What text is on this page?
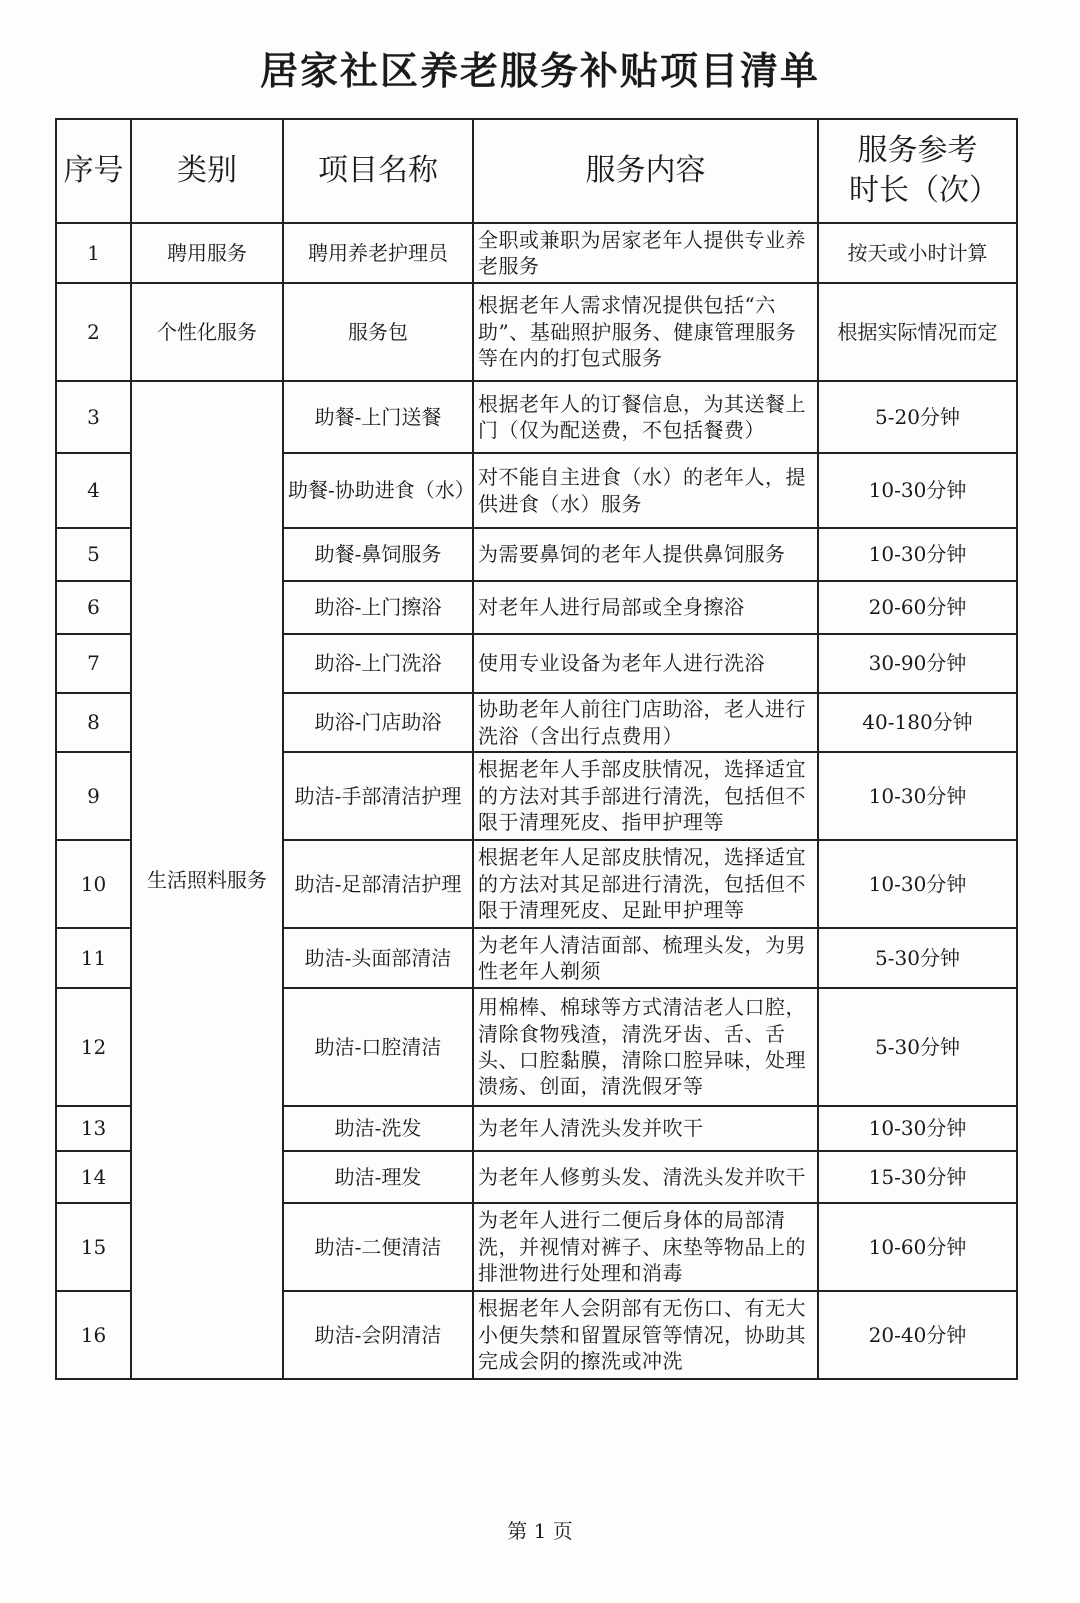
居家社区养老服务补贴项目清单
序号	类别	项目名称	服务内容	服务参考时长（次）
1	聘用服务	聘用养老护理员	全职或兼职为居家老年人提供专业养老服务	按天或小时计算
2	个性化服务	服务包	根据老年人需求情况提供包括“六助”、基础照护服务、健康管理服务等在内的打包式服务	根据实际情况而定
3	生活照料服务	助餐-上门送餐	根据老年人的订餐信息，为其送餐上门（仅为配送费，不包括餐费）	5-20分钟
4		助餐-协助进食（水）	对不能自主进食（水）的老年人，提供进食（水）服务	10-30分钟
5		助餐-鼻饲服务	为需要鼻饲的老年人提供鼻饲服务	10-30分钟
6		助浴-上门擦浴	对老年人进行局部或全身擦浴	20-60分钟
7		助浴-上门洗浴	使用专业设备为老年人进行洗浴	30-90分钟
8		助浴-门店助浴	协助老年人前往门店助浴，老人进行洗浴（含出行点费用）	40-180分钟
9		助洁-手部清洁护理	根据老年人手部皮肤情况，选择适宜的方法对其手部进行清洗，包括但不限于清理死皮、指甲护理等	10-30分钟
10		助洁-足部清洁护理	根据老年人足部皮肤情况，选择适宜的方法对其足部进行清洗，包括但不限于清理死皮、足趾甲护理等	10-30分钟
11		助洁-头面部清洁	为老年人清洁面部、梳理头发，为男性老年人剃须	5-30分钟
12		助洁-口腔清洁	用棉棒、棉球等方式清洁老人口腔，清除食物残渣，清洗牙齿、舌、舌头、口腔黏膜，清除口腔异味，处理溃疡、创面，清洗假牙等	5-30分钟
13		助洁-洗发	为老年人清洗头发并吹干	10-30分钟
14		助洁-理发	为老年人修剪头发、清洗头发并吹干	15-30分钟
15		助洁-二便清洁	为老年人进行二便后身体的局部清洗，并视情对裤子、床垫等物品上的排泄物进行处理和消毒	10-60分钟
16		助洁-会阴清洁	根据老年人会阴部有无伤口、有无大小便失禁和留置尿管等情况，协助其完成会阴的擦洗或冲洗	20-40分钟
第 1 页
